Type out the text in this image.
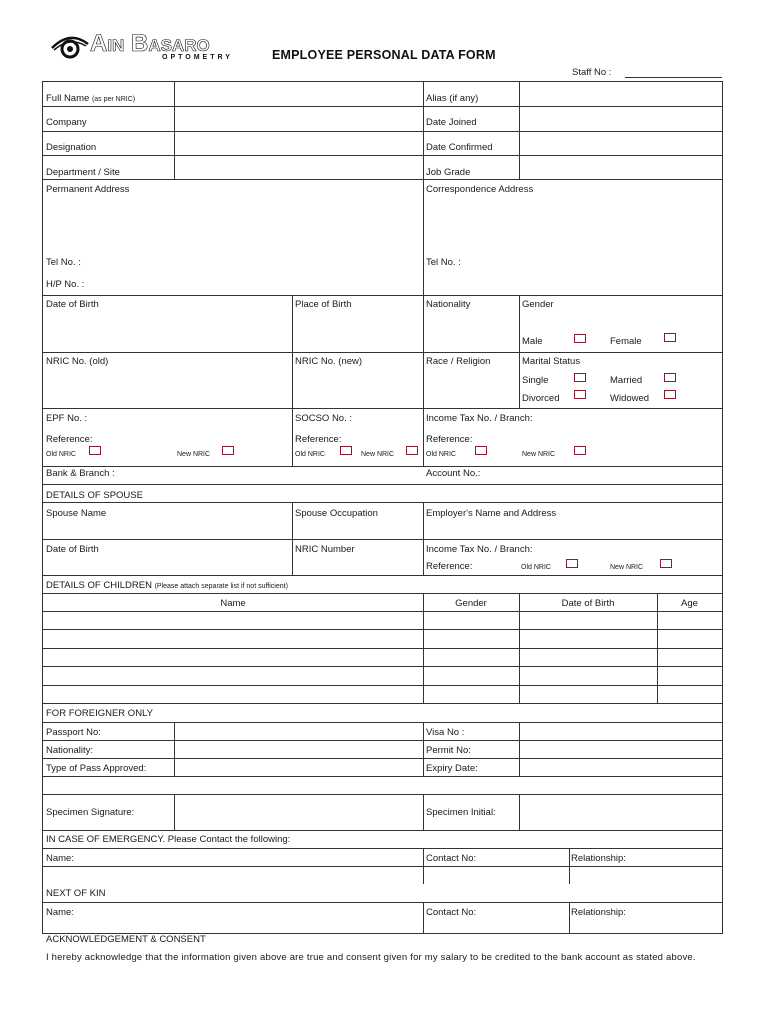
Ain Basaro
OPTOMETRY	EMPLOYEE PERSONAL DATA FORM
Staff No :
Full Name (as per NRIC)	Alias (if any)
Company	Date Joined
Designation	Date Confirmed
Department / Site	Job Grade
Permanent Address	Correspondence Address
Tel No. :	Tel No. :
H/P No. :
Date of Birth	Place of Birth	Nationality	Gender
Male	Female
NRIC No. (old)	NRIC No. (new)	Race / Religion	Marital Status
Single	Married
Divorced	Widowed
EPF No. :	SOCSO No. :	Income Tax No. / Branch:
Reference:	Reference:	Reference:
Old NRIC	New NRIC	Old NRIC	New NRIC	Old NRIC	New NRIC
Bank & Branch :	Account No.:
DETAILS OF SPOUSE
Spouse Name	Spouse Occupation	Employer's Name and Address
Date of Birth	NRIC Number	Income Tax No. / Branch:
Reference:	Old NRIC	New NRIC
DETAILS OF CHILDREN (Please attach separate list if not sufficient)
Name	Gender	Date of Birth	Age
FOR FOREIGNER ONLY
Passport No:	Visa No :
Nationality:	Permit No:
Type of Pass Approved:	Expiry Date:
Specimen Signature:	Specimen Initial:
IN CASE OF EMERGENCY. Please Contact the following:
Name:	Contact No:	Relationship:
NEXT OF KIN
Name:	Contact No:	Relationship:
ACKNOWLEDGEMENT & CONSENT
I hereby acknowledge that the information given above are true and consent given for my salary to be credited to the bank account as stated above.
